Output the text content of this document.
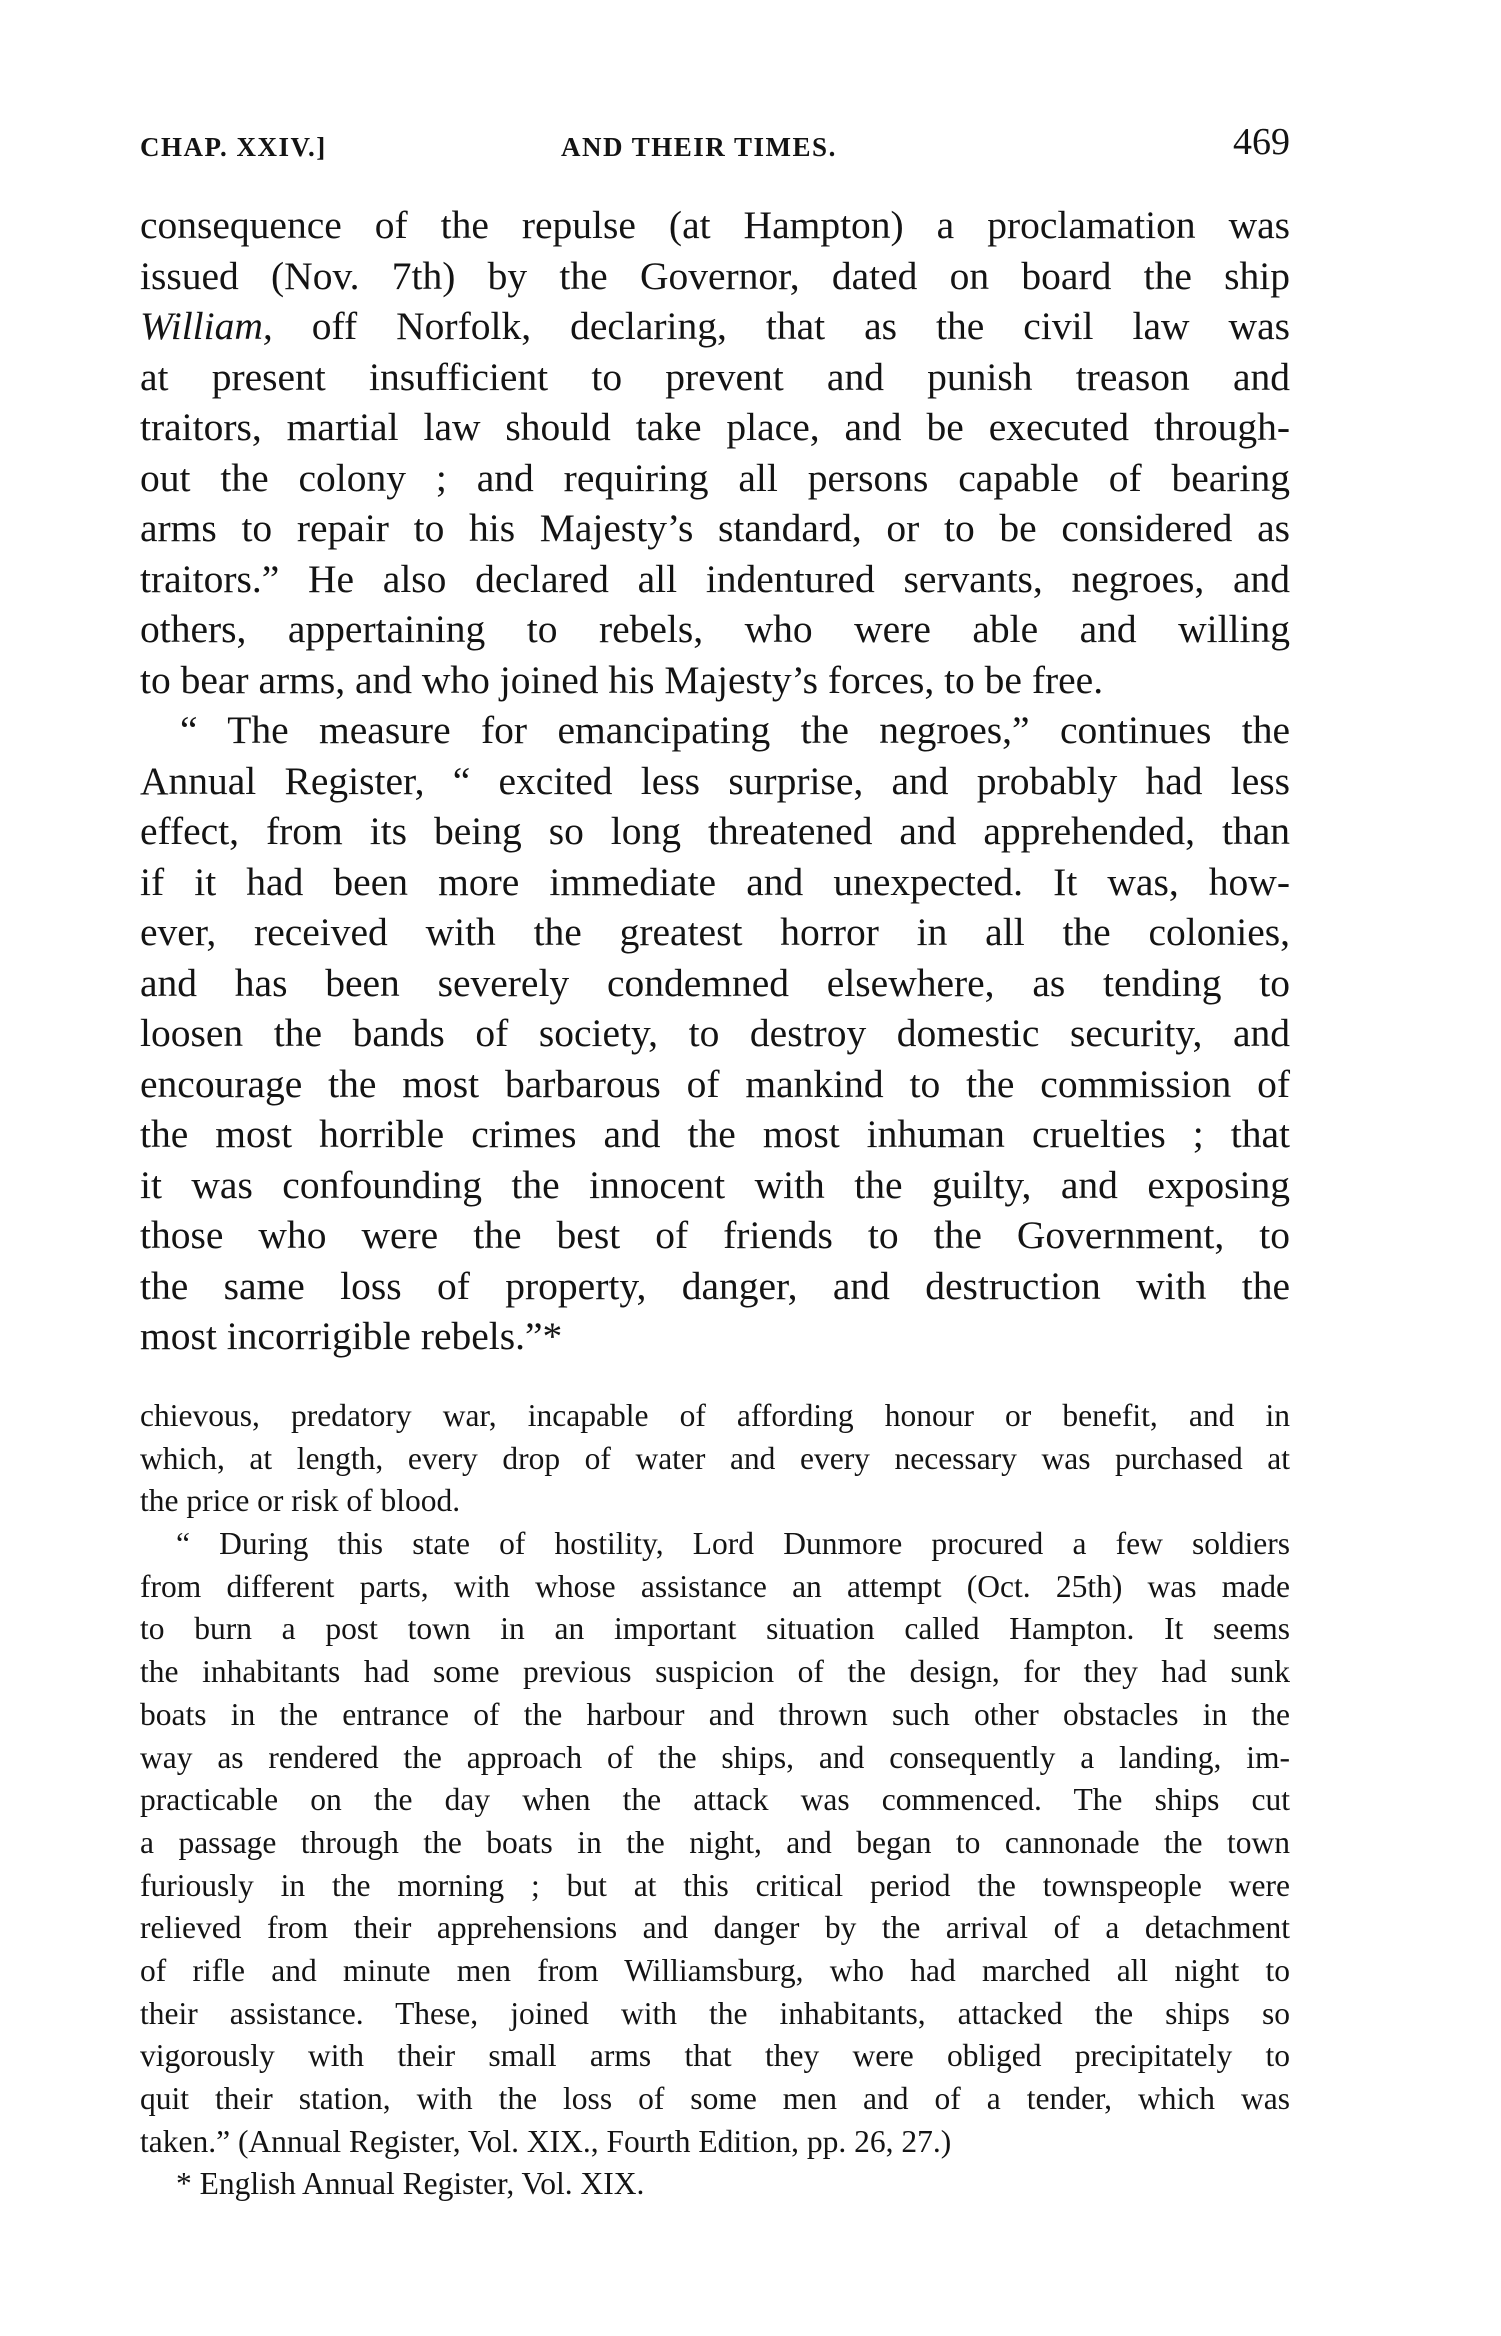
CHAP. XXIV.]	AND THEIR TIMES.	469
consequence of the repulse (at Hampton) a proclamation was
issued (Nov. 7th) by the Governor, dated on board the ship
William, off Norfolk, declaring, that as the civil law was
at present insufficient to prevent and punish treason and
traitors, martial law should take place, and be executed through-
out the colony ; and requiring all persons capable of bearing
arms to repair to his Majesty’s standard, or to be considered as
traitors.” He also declared all indentured servants, negroes, and
others, appertaining to rebels, who were able and willing
to bear arms, and who joined his Majesty’s forces, to be free.
“ The measure for emancipating the negroes,” continues the
Annual Register, “ excited less surprise, and probably had less
effect, from its being so long threatened and apprehended, than
if it had been more immediate and unexpected. It was, how-
ever, received with the greatest horror in all the colonies,
and has been severely condemned elsewhere, as tending to
loosen the bands of society, to destroy domestic security, and
encourage the most barbarous of mankind to the commission of
the most horrible crimes and the most inhuman cruelties ; that
it was confounding the innocent with the guilty, and exposing
those who were the best of friends to the Government, to
the same loss of property, danger, and destruction with the
most incorrigible rebels.”*
chievous, predatory war, incapable of affording honour or benefit, and in
which, at length, every drop of water and every necessary was purchased at
the price or risk of blood.
“ During this state of hostility, Lord Dunmore procured a few soldiers
from different parts, with whose assistance an attempt (Oct. 25th) was made
to burn a post town in an important situation called Hampton. It seems
the inhabitants had some previous suspicion of the design, for they had sunk
boats in the entrance of the harbour and thrown such other obstacles in the
way as rendered the approach of the ships, and consequently a landing, im-
practicable on the day when the attack was commenced. The ships cut
a passage through the boats in the night, and began to cannonade the town
furiously in the morning ; but at this critical period the townspeople were
relieved from their apprehensions and danger by the arrival of a detachment
of rifle and minute men from Williamsburg, who had marched all night to
their assistance. These, joined with the inhabitants, attacked the ships so
vigorously with their small arms that they were obliged precipitately to
quit their station, with the loss of some men and of a tender, which was
taken.” (Annual Register, Vol. XIX., Fourth Edition, pp. 26, 27.)
* English Annual Register, Vol. XIX.
